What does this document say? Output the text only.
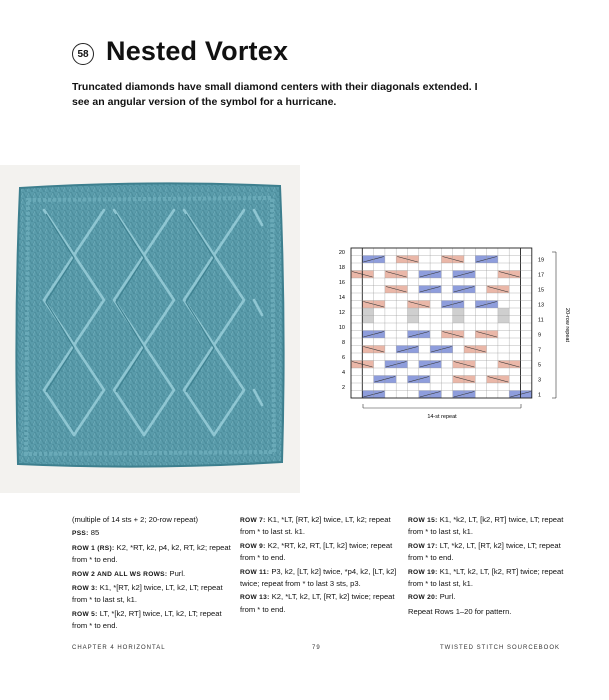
58 Nested Vortex
Truncated diamonds have small diamond centers with their diagonals extended. I see an angular version of the symbol for a hurricane.
20
18
16
14
12
10
8
6
4
2
19
17
15
13
11
9
7
5
3
1
20-row repeat
14-st repeat

(multiple of 14 sts + 2; 20-row repeat)

PSS: 85

ROW 1 (RS): K2, *RT, k2, p4, k2, RT, k2; repeat from * to end.

ROW 2 AND ALL WS ROWS: Purl.

ROW 3: K1, *[RT, k2] twice, LT, k2, LT; repeat from * to last st, k1.

ROW 5: LT, *[k2, RT] twice, LT, k2, LT; repeat from * to end.

ROW 7: K1, *LT, [RT, k2] twice, LT, k2; repeat from * to last st. k1.

ROW 9: K2, *RT, k2, RT, [LT, k2] twice; repeat from * to end.

ROW 11: P3, k2, [LT, k2] twice, *p4, k2, [LT, k2] twice; repeat from * to last 3 sts, p3.

ROW 13: K2, *LT, k2, LT, [RT, k2] twice; repeat from * to end.

ROW 15: K1, *k2, LT, [k2, RT] twice, LT; repeat from * to last st, k1.

ROW 17: LT, *k2, LT, [RT, k2] twice, LT; repeat from * to end.

ROW 19: K1, *LT, k2, LT, [k2, RT] twice; repeat from * to last st, k1.

ROW 20: Purl.

Repeat Rows 1–20 for pattern.

CHAPTER 4 HORIZONTAL	79	TWISTED STITCH SOURCEBOOK
